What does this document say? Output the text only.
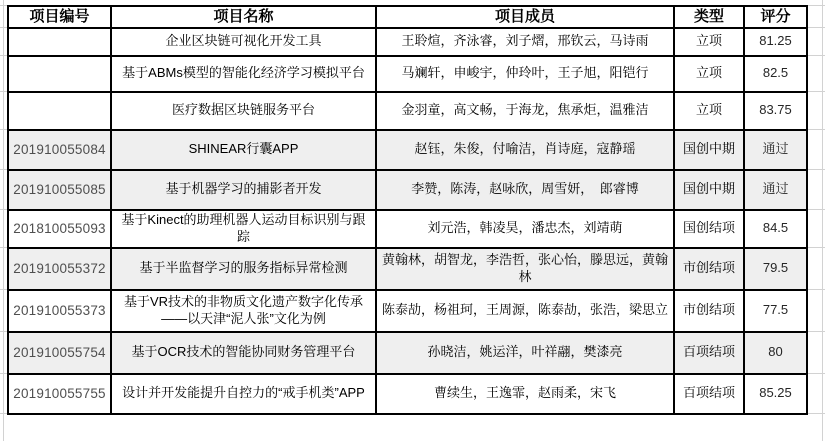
项目编号	项目名称	项目成员	类型	评分
	企业区块链可视化开发工具	王聆煊，齐泳睿，刘子熠，邢钦云，马诗雨	立项	81.25
	基于ABMs模型的智能化经济学习模拟平台	马斓轩，申峻宇，仲玲叶，王子旭，阳铠行	立项	82.5
	医疗数据区块链服务平台	金羽童，高文畅，于海龙，焦承炬，温雅洁	立项	83.75
201910055084	SHINEAR行囊APP	赵钰，朱俊，付喻洁，肖诗庭，寇静瑶	国创中期	通过
201910055085	基于机器学习的捕影者开发	李赞，陈涛，赵咏欣，周雪妍，　郎睿博	国创中期	通过
201810055093	基于Kinect的助理机器人运动目标识别与跟踪	刘元浩，韩凌昊，潘忠杰，刘靖萌	国创结项	84.5
201910055372	基于半监督学习的服务指标异常检测	黄翰林，胡智龙，李浩哲，张心怡，滕思远，黄翰林	市创结项	79.5
201910055373	基于VR技术的非物质文化遗产数字化传承——以天津“泥人张”文化为例	陈泰劼，杨祖珂，王周源，陈泰劼，张浩，梁思立	市创结项	77.5
201910055754	基于OCR技术的智能协同财务管理平台	孙晓洁，姚运洋，叶祥翮，樊漆亮	百项结项	80
201910055755	设计并开发能提升自控力的“戒手机类”APP	曹续生，王逸霏，赵雨柔，宋飞	百项结项	85.25
